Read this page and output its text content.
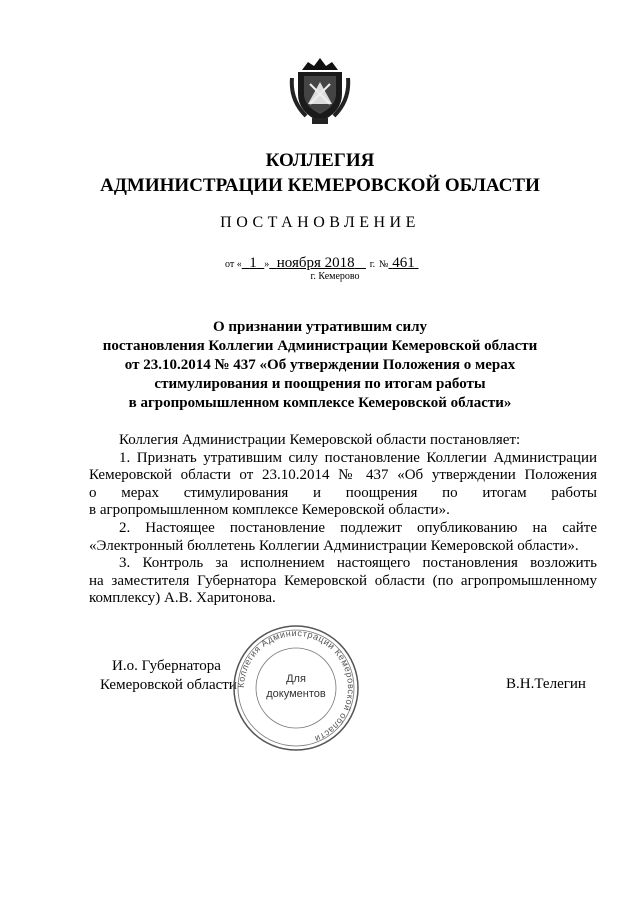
КОЛЛЕГИЯ
АДМИНИСТРАЦИИ КЕМЕРОВСКОЙ ОБЛАСТИ
ПОСТАНОВЛЕНИЕ
от « 1 » ноября 2018 г. № 461
г. Кемерово
О признании утратившим силу
постановления Коллегии Администрации Кемеровской области
от 23.10.2014 № 437 «Об утверждении Положения о мерах
стимулирования и поощрения по итогам работы
в агропромышленном комплексе Кемеровской области»

Коллегия Администрации Кемеровской области постановляет:

1. Признать утратившим силу постановление Коллегии Администрации

Кемеровской области от 23.10.2014 № 437 «Об утверждении Положения

о мерах стимулирования и поощрения по итогам работы

в агропромышленном комплексе Кемеровской области».

2. Настоящее постановление подлежит опубликованию на сайте

«Электронный бюллетень Коллегии Администрации Кемеровской области».

3. Контроль за исполнением настоящего постановления возложить

на заместителя Губернатора Кемеровской области (по агропромышленному

комплексу) А.В. Харитонова.

И.о. Губернатора
Кемеровской области Коллегия Администрации Кемеровской области
Для
документов
В.Н.Телегин
